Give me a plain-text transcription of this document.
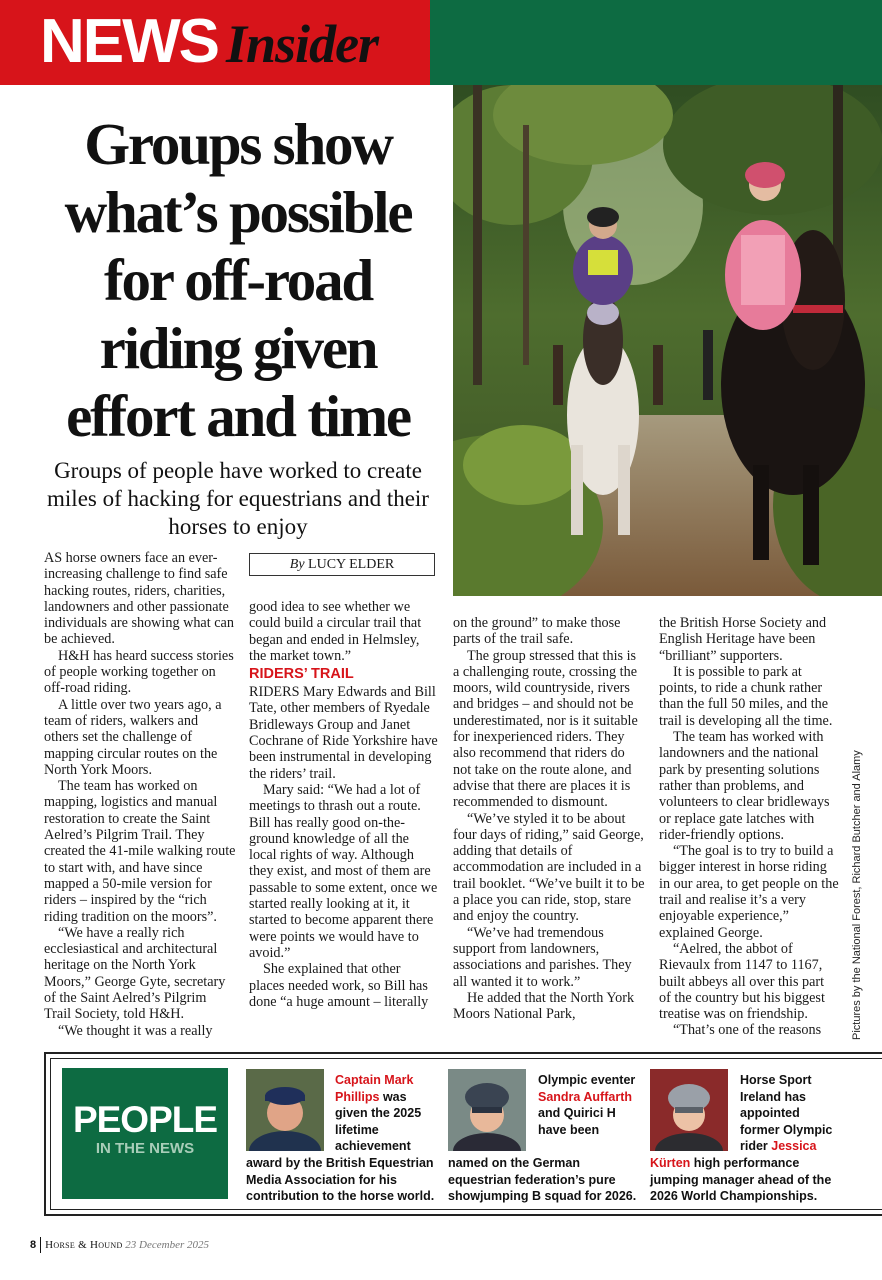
NEWS Insider
Groups show what’s possible for off-road riding given effort and time

Groups of people have worked to create miles of hacking for equestrians and their horses to enjoy

By LUCY ELDER

AS horse owners face an ever-increasing challenge to find safe hacking routes, riders, charities, landowners and other passionate individuals are showing what can be achieved.

H&H has heard success stories of people working together on off-road riding.

A little over two years ago, a team of riders, walkers and others set the challenge of mapping circular routes on the North York Moors.

The team has worked on mapping, logistics and manual restoration to create the Saint Aelred’s Pilgrim Trail. They created the 41-mile walking route to start with, and have since mapped a 50-mile version for riders – inspired by the “rich riding tradition on the moors”.

“We have a really rich ecclesiastical and architectural heritage on the North York Moors,” George Gyte, secretary of the Saint Aelred’s Pilgrim Trail Society, told H&H.

“We thought it was a really

good idea to see whether we could build a circular trail that began and ended in Helmsley, the market town.”

RIDERS’ TRAIL

RIDERS Mary Edwards and Bill Tate, other members of Ryedale Bridleways Group and Janet Cochrane of Ride Yorkshire have been instrumental in developing the riders’ trail.

Mary said: “We had a lot of meetings to thrash out a route. Bill has really good on-the-ground knowledge of all the local rights of way. Although they exist, and most of them are passable to some extent, once we started really looking at it, it started to become apparent there were points we would have to avoid.”

She explained that other places needed work, so Bill has done “a huge amount – literally

on the ground” to make those parts of the trail safe.

The group stressed that this is a challenging route, crossing the moors, wild countryside, rivers and bridges – and should not be underestimated, nor is it suitable for inexperienced riders. They also recommend that riders do not take on the route alone, and advise that there are places it is recommended to dismount.

“We’ve styled it to be about four days of riding,” said George, adding that details of accommodation are included in a trail booklet. “We’ve built it to be a place you can ride, stop, stare and enjoy the country.

“We’ve had tremendous support from landowners, associations and parishes. They all wanted it to work.”

He added that the North York Moors National Park,

the British Horse Society and English Heritage have been “brilliant” supporters.

It is possible to park at points, to ride a chunk rather than the full 50 miles, and the trail is developing all the time.

The team has worked with landowners and the national park by presenting solutions rather than problems, and volunteers to clear bridleways or replace gate latches with rider-friendly options.

“The goal is to try to build a bigger interest in horse riding in our area, to get people on the trail and realise it’s a very enjoyable experience,” explained George.

“Aelred, the abbot of Rievaulx from 1147 to 1167, built abbeys all over this part of the country but his biggest treatise was on friendship.

“That’s one of the reasons	Pictures by the National Forest, Richard Butcher and Alamy
PEOPLE
IN THE NEWS
Captain Mark Phillips was given the 2025 lifetime achievement
award by the British Equestrian Media Association for his contribution to the horse world.
Olympic eventer Sandra Auffarth and Quirici H have been
named on the German equestrian federation’s pure showjumping B squad for 2026.
Horse Sport Ireland has appointed former Olympic rider Jessica
Kürten high performance jumping manager ahead of the 2026 World Championships.
8 Horse & Hound 23 December 2025
